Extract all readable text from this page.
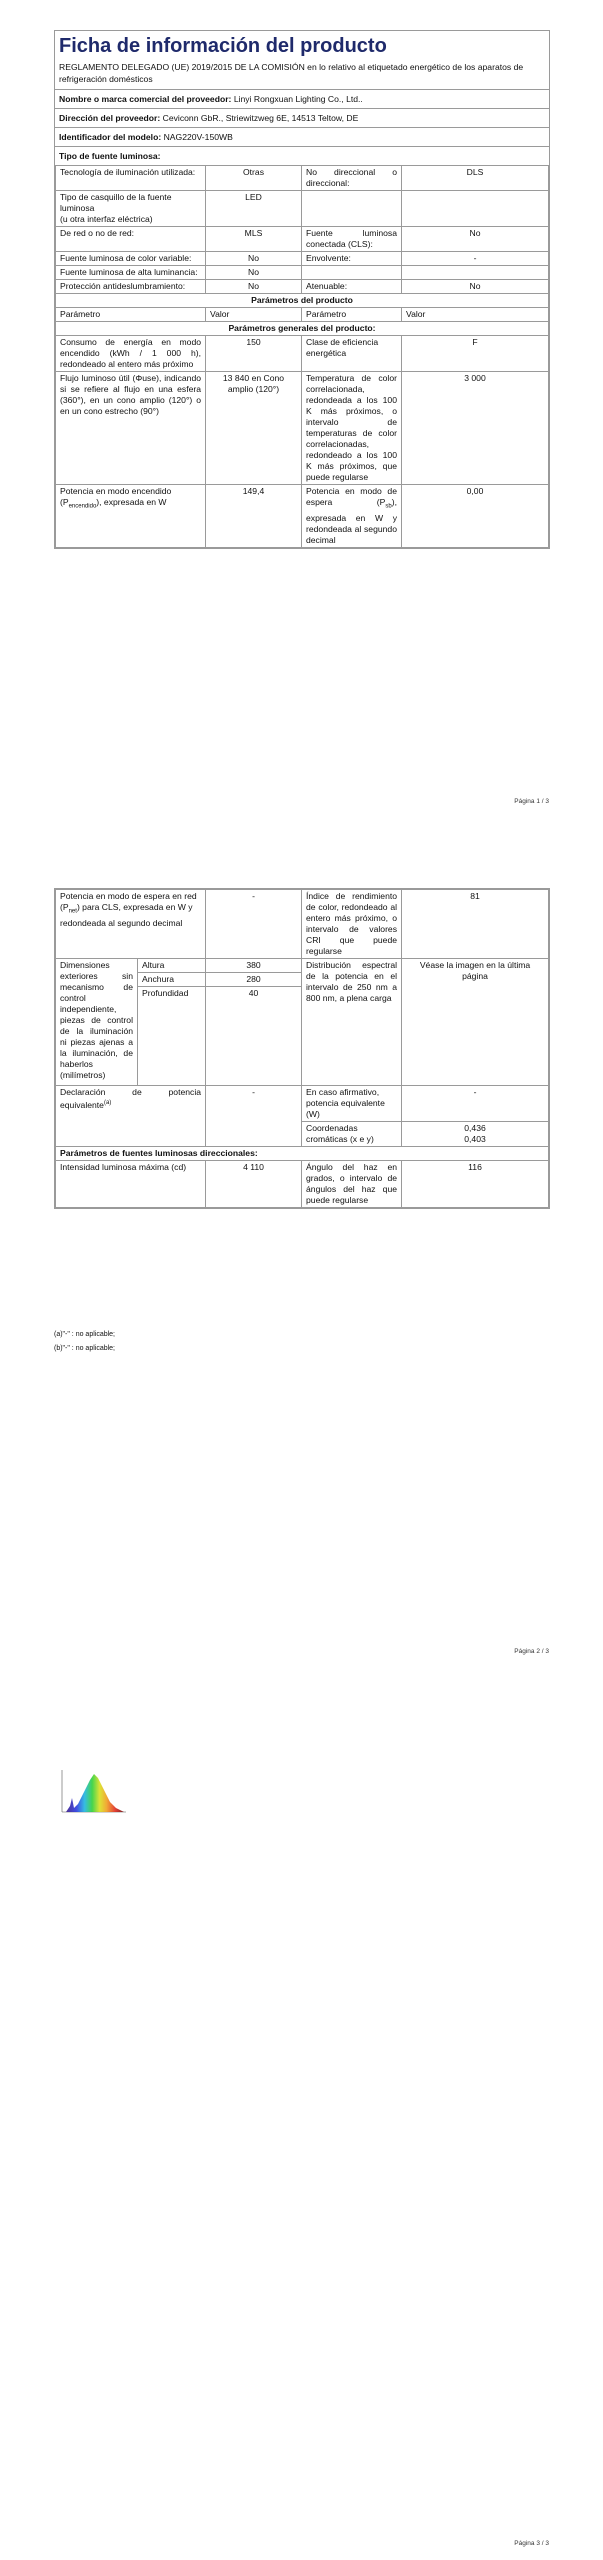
Ficha de información del producto
REGLAMENTO DELEGADO (UE) 2019/2015 DE LA COMISIÓN en lo relativo al etiquetado energético de los aparatos de refrigeración domésticos
Nombre o marca comercial del proveedor: Linyi Rongxuan Lighting Co., Ltd..
Dirección del proveedor: Ceviconn GbR., Striewitzweg 6E, 14513 Teltow, DE
Identificador del modelo: NAG220V-150WB
Tipo de fuente luminosa:
Tecnología de iluminación utilizada:	Otras	No direccional o direccional:	DLS
Tipo de casquillo de la fuente luminosa
(u otra interfaz eléctrica)	LED		
De red o no de red:	MLS	Fuente luminosa conectada (CLS):	No
Fuente luminosa de color variable:	No	Envolvente:	-
Fuente luminosa de alta luminancia:	No		
Protección antideslumbramiento:	No	Atenuable:	No
Parámetros del producto			
Parámetro	Valor	Parámetro	Valor
Parámetros generales del producto:			
Consumo de energía en modo encendido (kWh / 1 000 h), redondeado al entero más próximo	150	Clase de eficiencia energética	F
Flujo luminoso útil (Φuse), indicando si se refiere al flujo en una esfera (360°), en un cono amplio (120°) o en un cono estrecho (90°)	13 840 en Cono amplio (120°)	Temperatura de color correlacionada, redondeada a los 100 K más próximos, o intervalo de temperaturas de color correlacionadas, redondeado a los 100 K más próximos, que puede regularse	3 000
Potencia en modo encendido $(P_{encendido})$, expresada en W	149,4	Potencia en modo de espera $(P_{sb})$, expresada en W y redondeada al segundo decimal	0,00
Página 1 / 3
Potencia en modo de espera en red $(P_{net})$ para CLS, expresada en W y redondeada al segundo decimal		-	Índice de rendimiento de color, redondeado al entero más próximo, o intervalo de valores CRI que puede regularse	81
Dimensiones exteriores sin mecanismo de control independiente, piezas de control de la iluminación ni piezas ajenas a la iluminación, de haberlos (milímetros)	Altura	380	Distribución espectral de la potencia en el intervalo de 250 nm a 800 nm, a plena carga	Véase la imagen en la última página
	Anchura	280		
	Profundidad	40		
Declaración de potencia equivalente$^{(a)}$		-	En caso afirmativo, potencia equivalente (W)	-
			Coordenadas cromáticas (x e y)	0,436
0,403
Parámetros de fuentes luminosas direccionales:				
Intensidad luminosa máxima (cd)		4 110	Ángulo del haz en grados, o intervalo de ángulos del haz que puede regularse	116
(a)"-" : no aplicable;
(b)"-" : no aplicable;
Página 2 / 3
Página 3 / 3
